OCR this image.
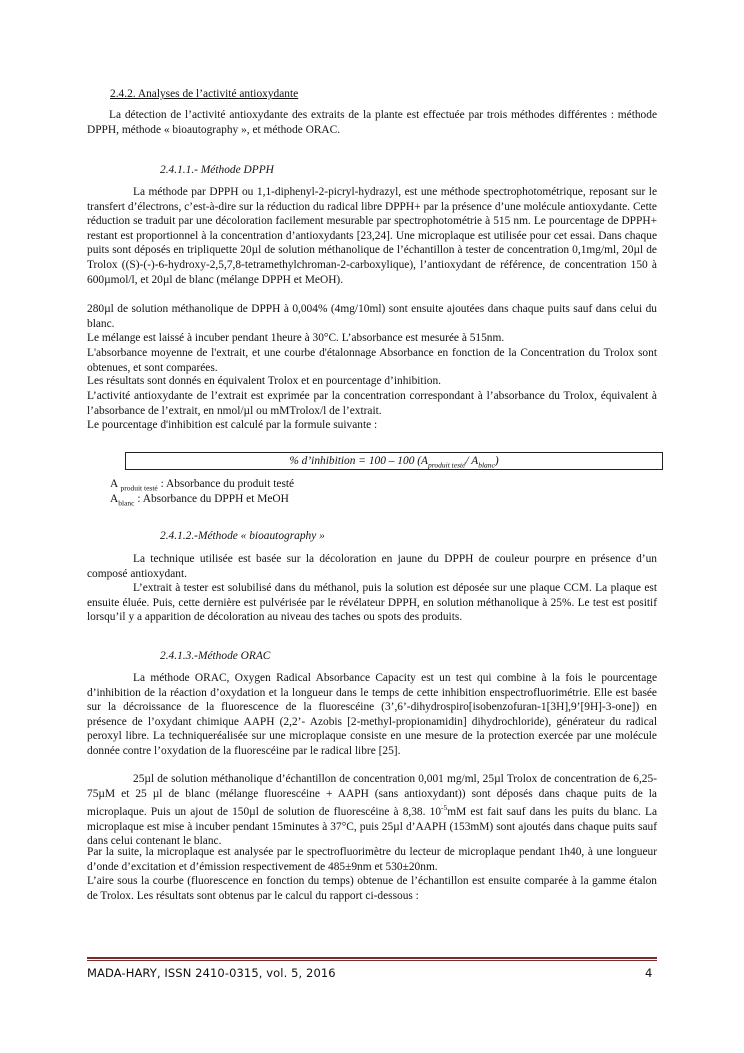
2.4.2. Analyses de l’activité antioxydante

La détection de l’activité antioxydante des extraits de la plante est effectuée par trois méthodes différentes : méthode DPPH, méthode « bioautography », et méthode ORAC.

2.4.1.1.- Méthode DPPH

La méthode par DPPH ou 1,1-diphenyl-2-picryl-hydrazyl, est une méthode spectrophotométrique, reposant sur le transfert d’électrons, c’est-à-dire sur la réduction du radical libre DPPH+ par la présence d’une molécule antioxydante. Cette réduction se traduit par une décoloration facilement mesurable par spectrophotométrie à 515 nm. Le pourcentage de DPPH+ restant est proportionnel à la concentration d’antioxydants [23,24]. Une microplaque est utilisée pour cet essai. Dans chaque puits sont déposés en tripliquette 20µl de solution méthanolique de l’échantillon à tester de concentration 0,1mg/ml, 20µl de Trolox ((S)-(-)-6-hydroxy-2,5,7,8-tetramethylchroman-2-carboxylique), l’antioxydant de référence, de concentration 150 à 600µmol/l, et 20µl de blanc (mélange DPPH et MeOH).

280µl de solution méthanolique de DPPH à 0,004% (4mg/10ml) sont ensuite ajoutées dans chaque puits sauf dans celui du blanc.

Le mélange est laissé à incuber pendant 1heure à 30°C. L’absorbance est mesurée à 515nm.

L'absorbance moyenne de l'extrait, et une courbe d'étalonnage Absorbance en fonction de la Concentration du Trolox sont obtenues, et sont comparées.

Les résultats sont donnés en équivalent Trolox et en pourcentage d’inhibition.

L’activité antioxydante de l’extrait est exprimée par la concentration correspondant à l’absorbance du Trolox, équivalent à l’absorbance de l’extrait, en nmol/µl ou mMTrolox/l de l’extrait.

Le pourcentage d'inhibition est calculé par la formule suivante :

% d’inhibition = 100 – 100 ($A_{produit testé}/$ $A_{blanc}$)
A $_{produit testé}$ : Absorbance du produit testé
$A_{blanc}$ : Absorbance du DPPH et MeOH
2.4.1.2.-Méthode « bioautography »

La technique utilisée est basée sur la décoloration en jaune du DPPH de couleur pourpre en présence d’un composé antioxydant.

L’extrait à tester est solubilisé dans du méthanol, puis la solution est déposée sur une plaque CCM. La plaque est ensuite éluée. Puis, cette dernière est pulvérisée par le révélateur DPPH, en solution méthanolique à 25%. Le test est positif lorsqu’il y a apparition de décoloration au niveau des taches ou spots des produits.

2.4.1.3.-Méthode ORAC

La méthode ORAC, Oxygen Radical Absorbance Capacity est un test qui combine à la fois le pourcentage d’inhibition de la réaction d’oxydation et la longueur dans le temps de cette inhibition enspectrofluorimétrie. Elle est basée sur la décroissance de la fluorescence de la fluorescéine (3’,6’-dihydrospiro[isobenzofuran-1[3H],9’[9H]-3-one]) en présence de l’oxydant chimique AAPH (2,2’- Azobis [2-methyl-propionamidin] dihydrochloride), générateur du radical peroxyl libre. La techniqueréalisée sur une microplaque consiste en une mesure de la protection exercée par une molécule donnée contre l’oxydation de la fluorescéine par le radical libre [25].

25µl de solution méthanolique d’échantillon de concentration 0,001 mg/ml, 25µl Trolox de concentration de 6,25-75µM et 25 µl de blanc (mélange fluorescéine + AAPH (sans antioxydant)) sont déposés dans chaque puits de la microplaque. Puis un ajout de 150µl de solution de fluorescéine à 8,38. $10^{-5}mM$ est fait sauf dans les puits du blanc. La microplaque est mise à incuber pendant 15minutes à 37°C, puis 25µl d’AAPH (153mM) sont ajoutés dans chaque puits sauf dans celui contenant le blanc.

Par la suite, la microplaque est analysée par le spectrofluorimètre du lecteur de microplaque pendant 1h40, à une longueur d’onde d’excitation et d’émission respectivement de 485±9nm et 530±20nm.

L’aire sous la courbe (fluorescence en fonction du temps) obtenue de l’échantillon est ensuite comparée à la gamme étalon de Trolox. Les résultats sont obtenus par le calcul du rapport ci-dessous :

MADA-HARY, ISSN 2410-0315, vol. 5, 2016	4
